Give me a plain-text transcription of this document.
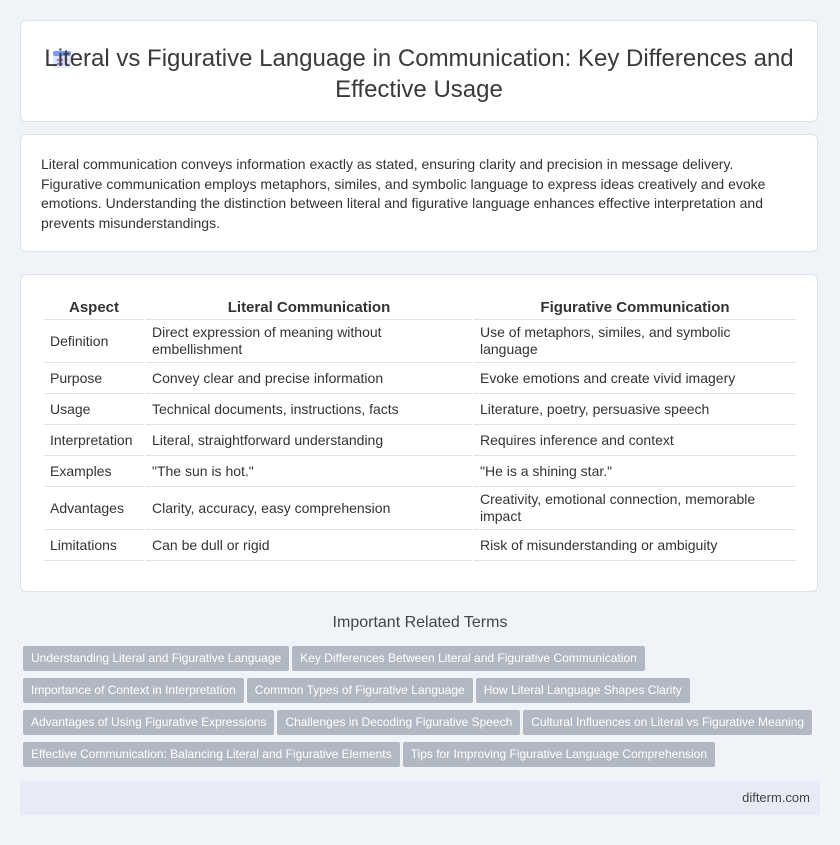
Literal vs Figurative Language in Communication: Key Differences and Effective Usage

Literal communication conveys information exactly as stated, ensuring clarity and precision in message delivery. Figurative communication employs metaphors, similes, and symbolic language to express ideas creatively and evoke emotions. Understanding the distinction between literal and figurative language enhances effective interpretation and prevents misunderstandings.

Aspect	Literal Communication	Figurative Communication
Definition	Direct expression of meaning without embellishment	Use of metaphors, similes, and symbolic language
Purpose	Convey clear and precise information	Evoke emotions and create vivid imagery
Usage	Technical documents, instructions, facts	Literature, poetry, persuasive speech
Interpretation	Literal, straightforward understanding	Requires inference and context
Examples	"The sun is hot."	"He is a shining star."
Advantages	Clarity, accuracy, easy comprehension	Creativity, emotional connection, memorable impact
Limitations	Can be dull or rigid	Risk of misunderstanding or ambiguity
Important Related Terms
Understanding Literal and Figurative Language Key Differences Between Literal and Figurative Communication
Importance of Context in Interpretation Common Types of Figurative Language How Literal Language Shapes Clarity
Advantages of Using Figurative Expressions Challenges in Decoding Figurative Speech Cultural Influences on Literal vs Figurative Meaning
Effective Communication: Balancing Literal and Figurative Elements Tips for Improving Figurative Language Comprehension
difterm.com
